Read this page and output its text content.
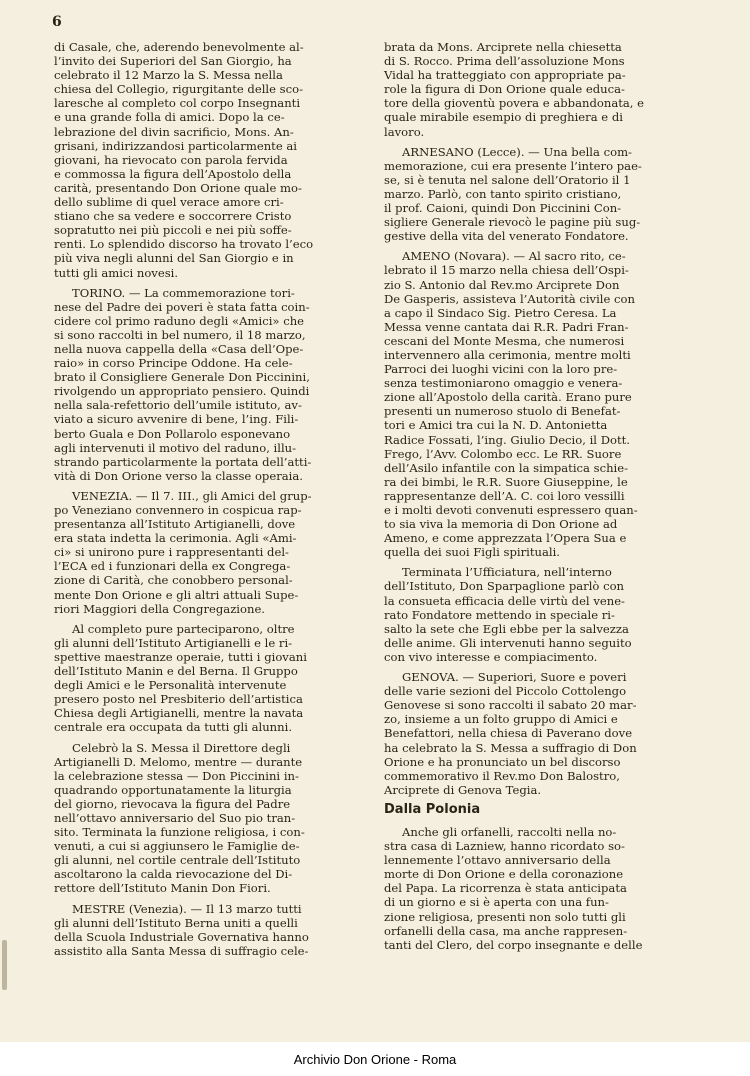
6

di Casale, che, aderendo benevolmente al-
l’invito dei Superiori del San Giorgio, ha
celebrato il 12 Marzo la S. Messa nella
chiesa del Collegio, rigurgitante delle sco-
laresche al completo col corpo Insegnanti
e una grande folla di amici. Dopo la ce-
lebrazione del divin sacrificio, Mons. An-
grisani, indirizzandosi particolarmente ai
giovani, ha rievocato con parola fervida
e commossa la figura dell’Apostolo della
carità, presentando Don Orione quale mo-
dello sublime di quel verace amore cri-
stiano che sa vedere e soccorrere Cristo
sopratutto nei più piccoli e nei più soffe-
renti. Lo splendido discorso ha trovato l’eco
più viva negli alunni del San Giorgio e in
tutti gli amici novesi.

TORINO. — La commemorazione tori-
nese del Padre dei poveri è stata fatta coin-
cidere col primo raduno degli «Amici» che
si sono raccolti in bel numero, il 18 marzo,
nella nuova cappella della «Casa dell’Ope-
raio» in corso Principe Oddone. Ha cele-
brato il Consigliere Generale Don Piccinini,
rivolgendo un appropriato pensiero. Quindi
nella sala-refettorio dell’umile istituto, av-
viato a sicuro avvenire di bene, l’ing. Fili-
berto Guala e Don Pollarolo esponevano
agli intervenuti il motivo del raduno, illu-
strando particolarmente la portata dell’atti-
vità di Don Orione verso la classe operaia.

VENEZIA. — Il 7. III., gli Amici del grup-
po Veneziano convennero in cospicua rap-
presentanza all’Istituto Artigianelli, dove
era stata indetta la cerimonia. Agli «Ami-
ci» si unirono pure i rappresentanti del-
l’ECA ed i funzionari della ex Congrega-
zione di Carità, che conobbero personal-
mente Don Orione e gli altri attuali Supe-
riori Maggiori della Congregazione.

Al completo pure parteciparono, oltre
gli alunni dell’Istituto Artigianelli e le ri-
spettive maestranze operaie, tutti i giovani
dell’Istituto Manin e del Berna. Il Gruppo
degli Amici e le Personalità intervenute
presero posto nel Presbiterio dell’artistica
Chiesa degli Artigianelli, mentre la navata
centrale era occupata da tutti gli alunni.

Celebrò la S. Messa il Direttore degli
Artigianelli D. Melomo, mentre — durante
la celebrazione stessa — Don Piccinini in-
quadrando opportunatamente la liturgia
del giorno, rievocava la figura del Padre
nell’ottavo anniversario del Suo pio tran-
sito. Terminata la funzione religiosa, i con-
venuti, a cui si aggiunsero le Famiglie de-
gli alunni, nel cortile centrale dell’Istituto
ascoltarono la calda rievocazione del Di-
rettore dell’Istituto Manin Don Fiori.

MESTRE (Venezia). — Il 13 marzo tutti
gli alunni dell’Istituto Berna uniti a quelli
della Scuola Industriale Governativa hanno
assistito alla Santa Messa di suffragio cele-

brata da Mons. Arciprete nella chiesetta
di S. Rocco. Prima dell’assoluzione Mons
Vidal ha tratteggiato con appropriate pa-
role la figura di Don Orione quale educa-
tore della gioventù povera e abbandonata, e
quale mirabile esempio di preghiera e di
lavoro.

ARNESANO (Lecce). — Una bella com-
memorazione, cui era presente l’intero pae-
se, si è tenuta nel salone dell’Oratorio il 1
marzo. Parlò, con tanto spirito cristiano,
il prof. Caioni, quindi Don Piccinini Con-
sigliere Generale rievocò le pagine più sug-
gestive della vita del venerato Fondatore.

AMENO (Novara). — Al sacro rito, ce-
lebrato il 15 marzo nella chiesa dell’Ospi-
zio S. Antonio dal Rev.mo Arciprete Don
De Gasperis, assisteva l’Autorità civile con
a capo il Sindaco Sig. Pietro Ceresa. La
Messa venne cantata dai R.R. Padri Fran-
cescani del Monte Mesma, che numerosi
intervennero alla cerimonia, mentre molti
Parroci dei luoghi vicini con la loro pre-
senza testimoniarono omaggio e venera-
zione all’Apostolo della carità. Erano pure
presenti un numeroso stuolo di Benefat-
tori e Amici tra cui la N. D. Antonietta
Radice Fossati, l’ing. Giulio Decio, il Dott.
Frego, l’Avv. Colombo ecc. Le RR. Suore
dell’Asilo infantile con la simpatica schie-
ra dei bimbi, le R.R. Suore Giuseppine, le
rappresentanze dell’A. C. coi loro vessilli
e i molti devoti convenuti espressero quan-
to sia viva la memoria di Don Orione ad
Ameno, e come apprezzata l’Opera Sua e
quella dei suoi Figli spirituali.

Terminata l’Ufficiatura, nell’interno
dell’Istituto, Don Sparpaglione parlò con
la consueta efficacia delle virtù del vene-
rato Fondatore mettendo in speciale ri-
salto la sete che Egli ebbe per la salvezza
delle anime. Gli intervenuti hanno seguito
con vivo interesse e compiacimento.

GENOVA. — Superiori, Suore e poveri
delle varie sezioni del Piccolo Cottolengo
Genovese si sono raccolti il sabato 20 mar-
zo, insieme a un folto gruppo di Amici e
Benefattori, nella chiesa di Paverano dove
ha celebrato la S. Messa a suffragio di Don
Orione e ha pronunciato un bel discorso
commemorativo il Rev.mo Don Balostro,
Arciprete di Genova Tegia.

Dalla Polonia

Anche gli orfanelli, raccolti nella no-
stra casa di Lazniew, hanno ricordato so-
lennemente l’ottavo anniversario della
morte di Don Orione e della coronazione
del Papa. La ricorrenza è stata anticipata
di un giorno e si è aperta con una fun-
zione religiosa, presenti non solo tutti gli
orfanelli della casa, ma anche rappresen-
tanti del Clero, del corpo insegnante e delle

Archivio Don Orione - Roma
